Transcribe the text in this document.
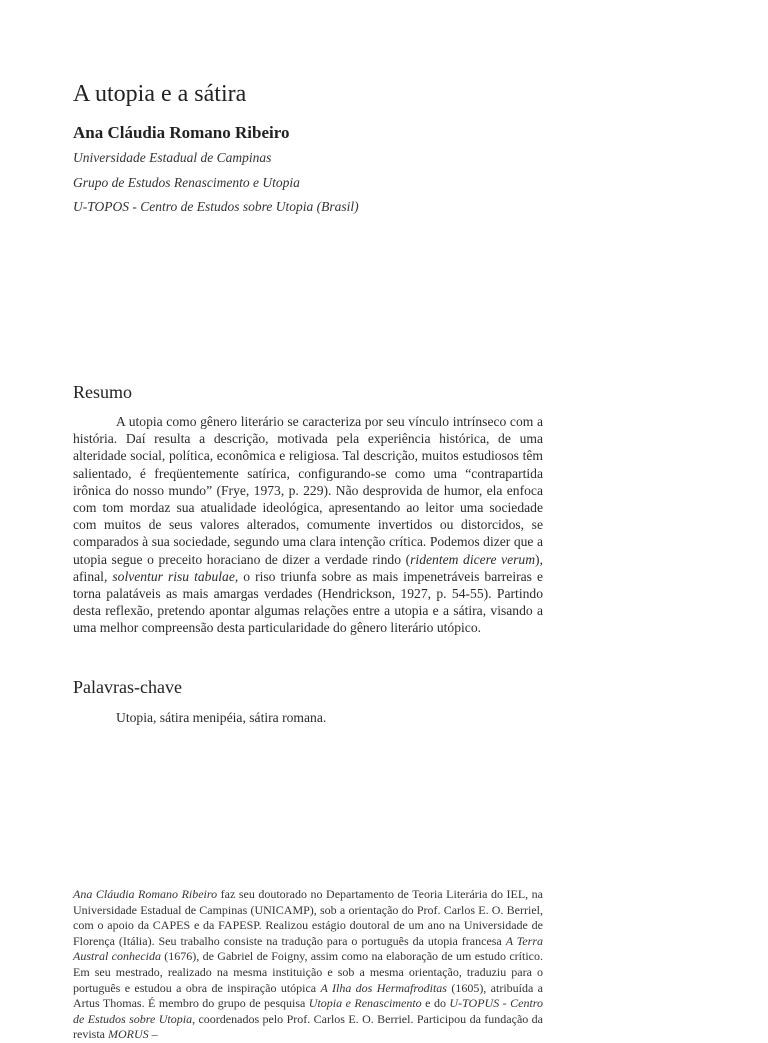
A utopia e a sátira
Ana Cláudia Romano Ribeiro
Universidade Estadual de Campinas
Grupo de Estudos Renascimento e Utopia
U-TOPOS - Centro de Estudos sobre Utopia (Brasil)
Resumo

A utopia como gênero literário se caracteriza por seu vínculo intrínseco com a história. Daí resulta a descrição, motivada pela experiência histórica, de uma alteridade social, política, econômica e religiosa. Tal descrição, muitos estudiosos têm salientado, é freqüentemente satírica, configurando-se como uma “contrapartida irônica do nosso mundo” (Frye, 1973, p. 229). Não desprovida de humor, ela enfoca com tom mordaz sua atualidade ideológica, apresentando ao leitor uma sociedade com muitos de seus valores alterados, comumente invertidos ou distorcidos, se comparados à sua sociedade, segundo uma clara intenção crítica. Podemos dizer que a utopia segue o preceito horaciano de dizer a verdade rindo (ridentem dicere verum), afinal, solventur risu tabulae, o riso triunfa sobre as mais impenetráveis barreiras e torna palatáveis as mais amargas verdades (Hendrickson, 1927, p. 54-55). Partindo desta reflexão, pretendo apontar algumas relações entre a utopia e a sátira, visando a uma melhor compreensão desta particularidade do gênero literário utópico.

Palavras-chave
Utopia, sátira menipéia, sátira romana.

Ana Cláudia Romano Ribeiro faz seu doutorado no Departamento de Teoria Literária do IEL, na Universidade Estadual de Campinas (UNICAMP), sob a orientação do Prof. Carlos E. O. Berriel, com o apoio da CAPES e da FAPESP. Realizou estágio doutoral de um ano na Universidade de Florença (Itália). Seu trabalho consiste na tradução para o português da utopia francesa A Terra Austral conhecida (1676), de Gabriel de Foigny, assim como na elaboração de um estudo crítico. Em seu mestrado, realizado na mesma instituição e sob a mesma orientação, traduziu para o português e estudou a obra de inspiração utópica A Ilha dos Hermafroditas (1605), atribuída a Artus Thomas. É membro do grupo de pesquisa Utopia e Renascimento e do U-TOPUS - Centro de Estudos sobre Utopia, coordenados pelo Prof. Carlos E. O. Berriel. Participou da fundação da revista MORUS –
